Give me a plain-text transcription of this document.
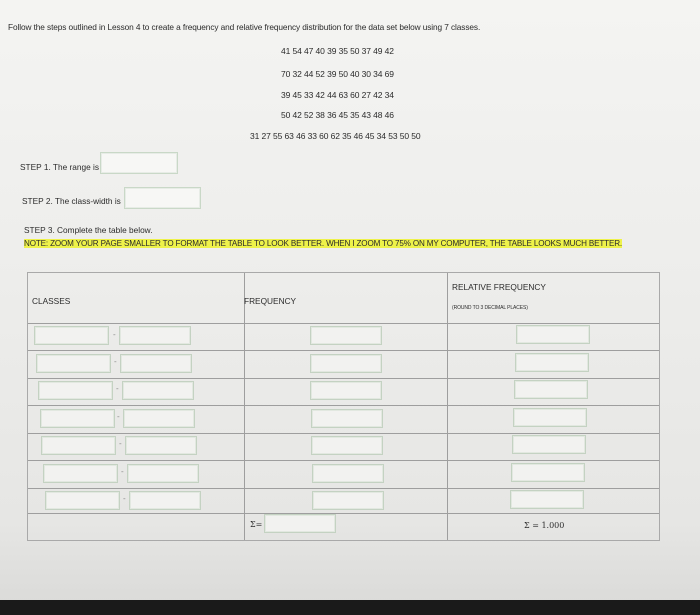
Follow the steps outlined in Lesson 4 to create a frequency and relative frequency distribution for the data set below using 7 classes.
41 54 47 40 39 35 50 37 49 42
70 32 44 52 39 50 40 30 34 69
39 45 33 42 44 63 60 27 42 34
50 42 52 38 36 45 35 43 48 46
31 27 55 63 46 33 60 62 35 46 45 34 53 50 50
STEP 1. The range is
STEP 2. The class-width is
STEP 3. Complete the table below.
NOTE: ZOOM YOUR PAGE SMALLER TO FORMAT THE TABLE TO LOOK BETTER. WHEN I ZOOM TO 75% ON MY COMPUTER, THE TABLE LOOKS MUCH BETTER.
CLASSES	FREQUENCY
RELATIVE FREQUENCY
(ROUND TO 3 DECIMAL PLACES)
-
-
-
-
-
-
-
Σ=	Σ = 1.000
